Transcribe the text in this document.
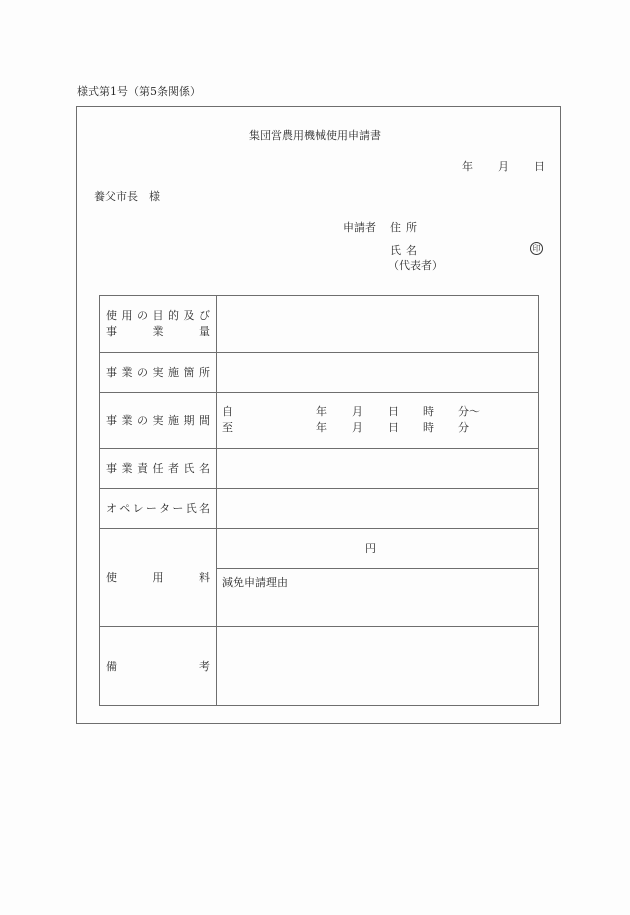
様式第1号（第5条関係）
集団営農用機械使用申請書
年 月 日
養父市長　様
申請者 住所
氏名
（代表者）
印
使 用 の 目 的 及 び
事	業	量
事 業 の 実 施 箇 所
事 業 の 実 施 期 間
自	年 月 日 時 分〜
至	年 月 日 時 分
事 業 責 任 者 氏 名
オ ペ レ ー タ ー 氏 名
使	用	料
円
減免申請理由
備	考
